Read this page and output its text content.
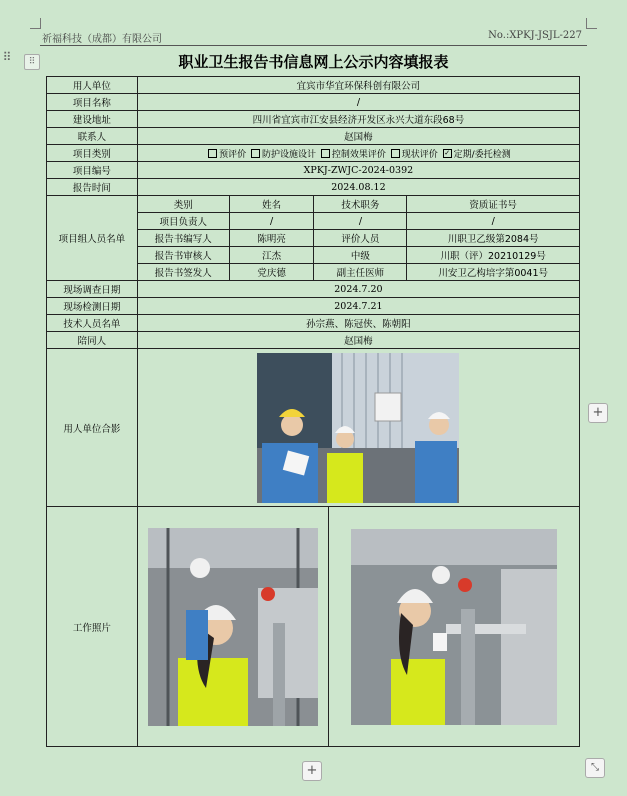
祈福科技（成都）有限公司	No.:XPKJ-JSJL-227
⠿	⠿	职业卫生报告书信息网上公示内容填报表
用人单位	宜宾市华宜环保科创有限公司				
项目名称	/				
建设地址	四川省宜宾市江安县经济开发区永兴大道东段68号				
联系人	赵国梅				
项目类别	预评价 防护设施设计 控制效果评价 现状评价 ✓ 定期/委托检测				
项目编号	XPKJ-ZWJC-2024-0392				
报告时间	2024.08.12				
项目组人员名单	类别	姓名	技术职务		资质证书号
	项目负责人	/	/		/
	报告书编写人	陈明亮	评价人员		川职卫乙级第2084号
	报告书审核人	江杰	中级		川职（评）20210129号
	报告书签发人	党庆德	副主任医师		川安卫乙构培字第0041号
现场调查日期	2024.7.20				
现场检测日期	2024.7.21				
技术人员名单	孙宗燕、陈冠侠、陈朝阳				
陪同人	赵国梅				
用人单位合影	
工作照片		
+
+	⤡
